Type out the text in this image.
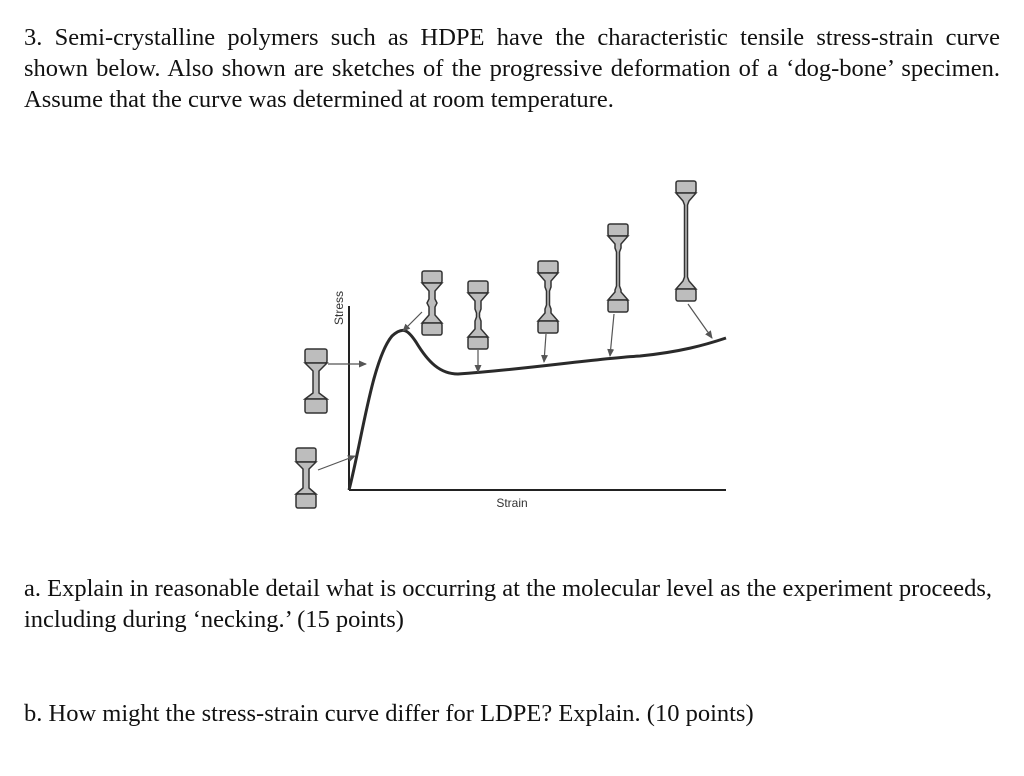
3. Semi-crystalline polymers such as HDPE have the characteristic tensile stress-strain curve shown below. Also shown are sketches of the progressive deformation of a ‘dog-bone’ specimen. Assume that the curve was determined at room temperature.

Stress
Strain

a. Explain in reasonable detail what is occurring at the molecular level as the experiment proceeds, including during ‘necking.’ (15 points)

b. How might the stress-strain curve differ for LDPE? Explain. (10 points)
